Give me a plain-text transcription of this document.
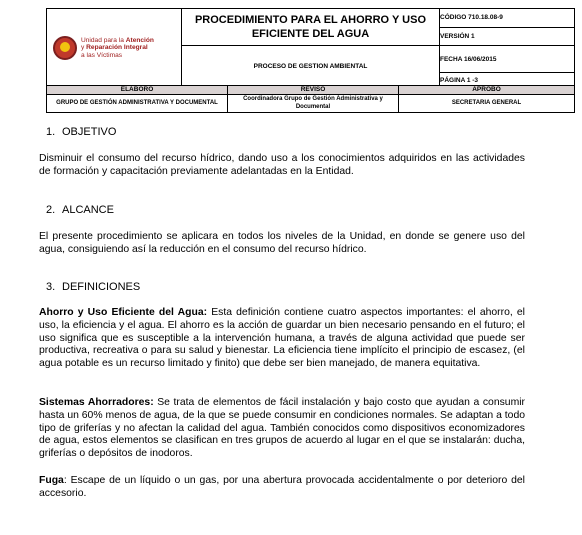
Unidad para la Atención
y Reparación Integral
a las Víctimas	PROCEDIMIENTO PARA EL AHORRO Y USO EFICIENTE DEL AGUA	CÓDIGO 710.18.08-9
		VERSIÓN 1

	PROCESO DE GESTION AMBIENTAL	FECHA 16/06/2015
		PÁGINA 1 -3
ELABORÓ	REVISÓ	APROBÓ
GRUPO DE GESTIÓN ADMINISTRATIVA Y DOCUMENTAL	Coordinadora Grupo de Gestión Administrativa y Documental	SECRETARIA GENERAL
1. OBJETIVO

Disminuir el consumo del recurso hídrico, dando uso a los conocimientos adquiridos en las actividades de formación y capacitación previamente adelantadas en la Entidad.

2. ALCANCE

El presente procedimiento se aplicara en todos los niveles de la Unidad, en donde se genere uso del agua, consiguiendo así la reducción en el consumo del recurso hídrico.

3. DEFINICIONES

Ahorro y Uso Eficiente del Agua: Esta definición contiene cuatro aspectos importantes: el ahorro, el uso, la eficiencia y el agua. El ahorro es la acción de guardar un bien necesario pensando en el futuro; el uso significa que es susceptible a la intervención humana, a través de alguna actividad que puede ser productiva, recreativa o para su salud y bienestar. La eficiencia tiene implícito el principio de escasez, (el agua potable es un recurso limitado y finito) que debe ser bien manejado, de manera equitativa.

Sistemas Ahorradores: Se trata de elementos de fácil instalación y bajo costo que ayudan a consumir hasta un 60% menos de agua, de la que se puede consumir en condiciones normales. Se adaptan a todo tipo de griferías y no afectan la calidad del agua. También conocidos como dispositivos economizadores de agua, estos elementos se clasifican en tres grupos de acuerdo al lugar en el que se instalarán: ducha, griferías o depósitos de inodoros.

Fuga: Escape de un líquido o un gas, por una abertura provocada accidentalmente o por deterioro del accesorio.
